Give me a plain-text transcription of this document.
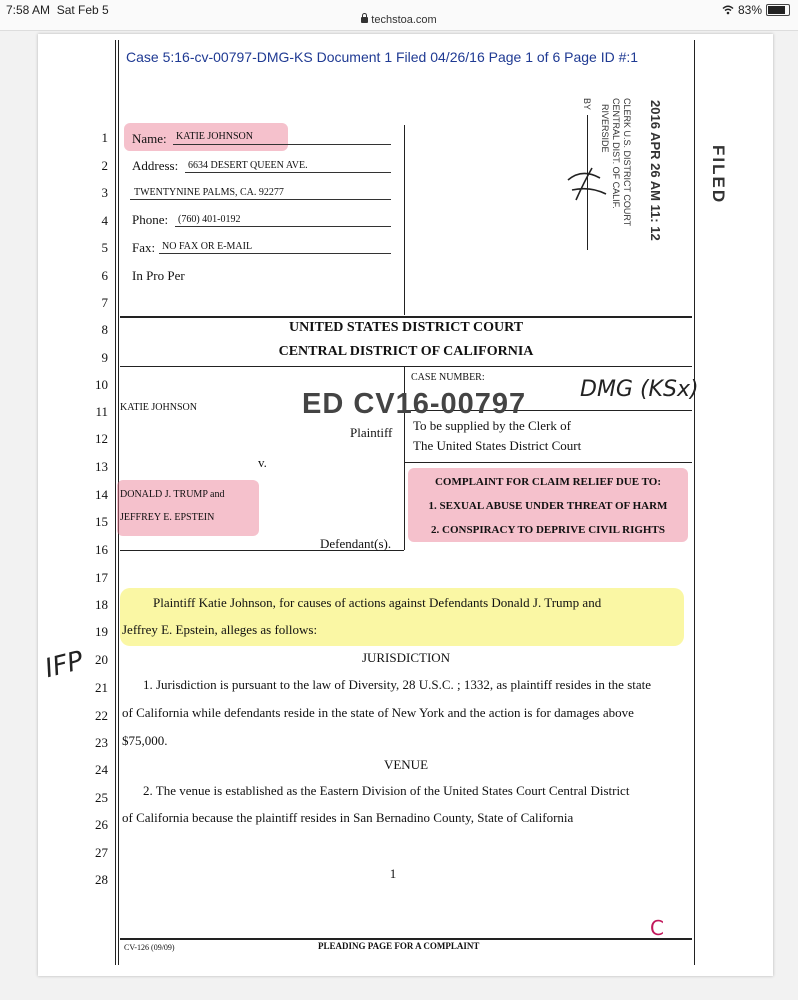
7:58 AM Sat Feb 5
techstoa.com
83%
Case 5:16-cv-00797-DMG-KS Document 1 Filed 04/26/16 Page 1 of 6 Page ID #:1
1
2
3
4
5
6
7
8
9
10
11
12
13
14
15
16
17
18
19
20
21
22
23
24
25
26
27
28
Name: KATIE JOHNSON
Address: 6634 DESERT QUEEN AVE.
TWENTYNINE PALMS, CA. 92277
Phone: (760) 401-0192
Fax: NO FAX OR E-MAIL
In Pro Per
FILED
2016 APR 26 AM 11: 12
CLERK U.S. DISTRICT COURT
CENTRAL DIST. OF CALIF.
RIVERSIDE
BY
UNITED STATES DISTRICT COURT
CENTRAL DISTRICT OF CALIFORNIA
KATIE JOHNSON
Plaintiff
v.
DONALD J. TRUMP and
JEFFREY E. EPSTEIN
Defendant(s).
CASE NUMBER:
ED CV16-00797 DMG (KSx)
To be supplied by the Clerk of
The United States District Court
COMPLAINT FOR CLAIM RELIEF DUE TO:
1. SEXUAL ABUSE UNDER THREAT OF HARM
2. CONSPIRACY TO DEPRIVE CIVIL RIGHTS
Plaintiff Katie Johnson, for causes of actions against Defendants Donald J. Trump and
Jeffrey E. Epstein, alleges as follows:
IFP	JURISDICTION
1. Jurisdiction is pursuant to the law of Diversity, 28 U.S.C. ; 1332, as plaintiff resides in the state
of California while defendants reside in the state of New York and the action is for damages above
$75,000.
VENUE
2. The venue is established as the Eastern Division of the United States Court Central District
of California because the plaintiff resides in San Bernadino County, State of California
1
CV-126 (09/09)	PLEADING PAGE FOR A COMPLAINT
C
